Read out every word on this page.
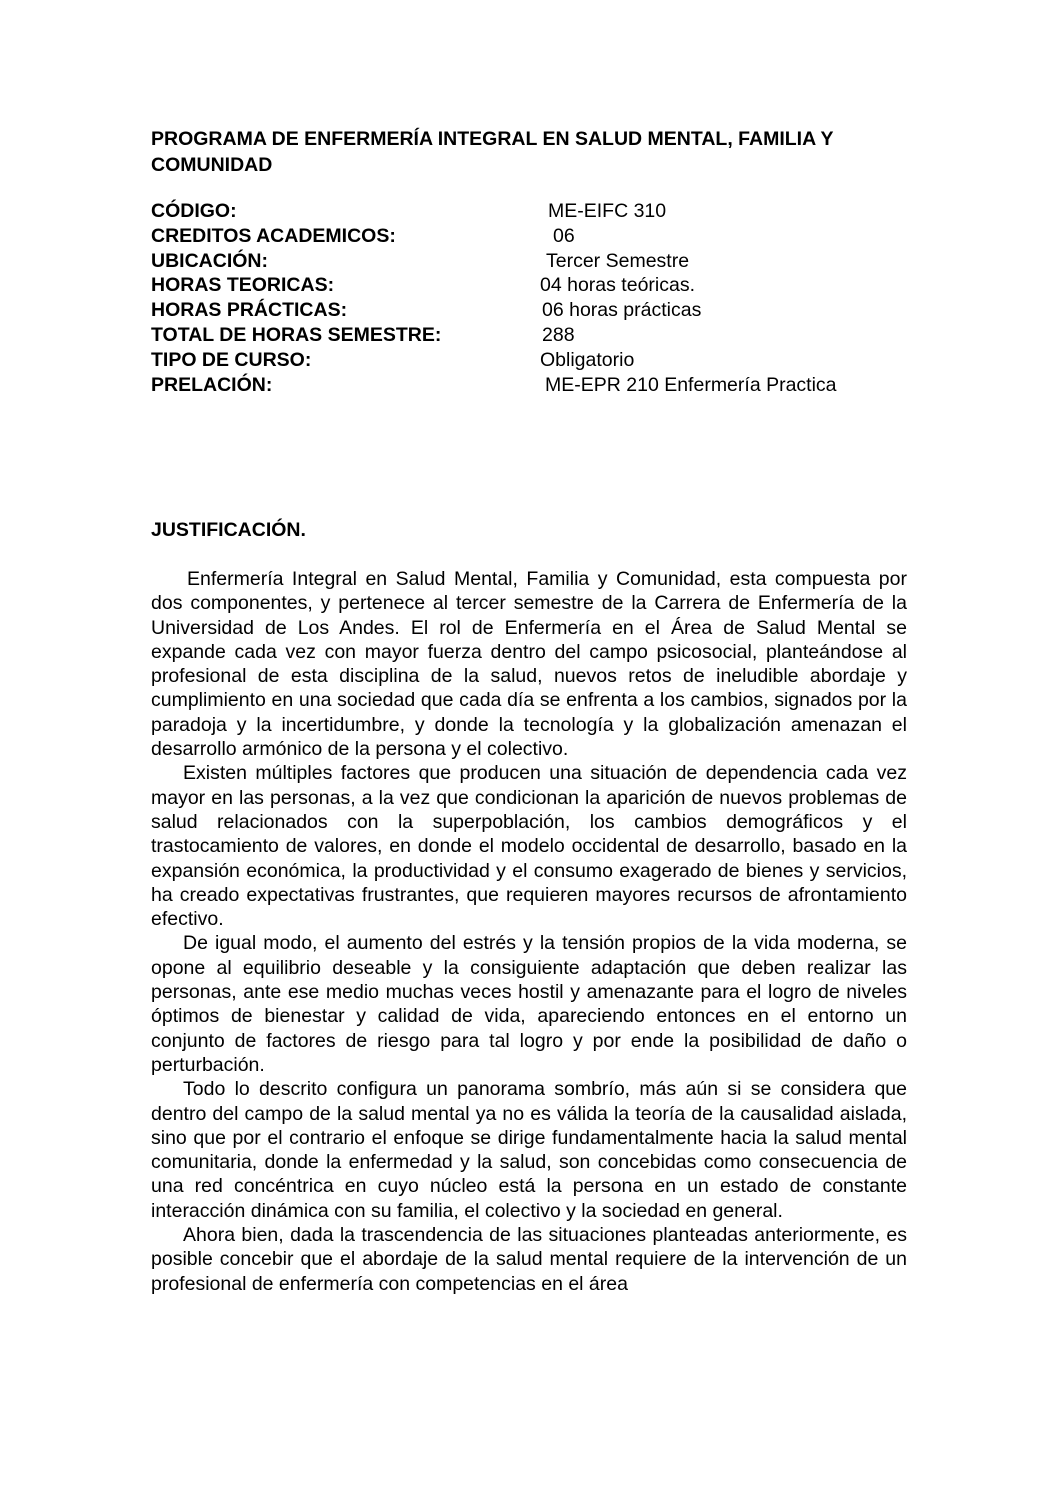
PROGRAMA DE ENFERMERÍA INTEGRAL EN SALUD MENTAL, FAMILIA Y COMUNIDAD
CÓDIGO:	ME-EIFC 310
CREDITOS ACADEMICOS:	06
UBICACIÓN:	Tercer Semestre
HORAS TEORICAS:	04 horas teóricas.
HORAS PRÁCTICAS:	06 horas prácticas
TOTAL DE HORAS SEMESTRE:	288
TIPO DE CURSO:	Obligatorio
PRELACIÓN:	ME-EPR 210 Enfermería Practica
JUSTIFICACIÓN.

Enfermería Integral en Salud Mental, Familia y Comunidad, esta compuesta por dos componentes, y pertenece al tercer semestre de la Carrera de Enfermería de la Universidad de Los Andes. El rol de Enfermería en el Área de Salud Mental se expande cada vez con mayor fuerza dentro del campo psicosocial, planteándose al profesional de esta disciplina de la salud, nuevos retos de ineludible abordaje y cumplimiento en una sociedad que cada día se enfrenta a los cambios, signados por la paradoja y la incertidumbre, y donde la tecnología y la globalización amenazan el desarrollo armónico de la persona y el colectivo.

Existen múltiples factores que producen una situación de dependencia cada vez mayor en las personas, a la vez que condicionan la aparición de nuevos problemas de salud relacionados con la superpoblación, los cambios demográficos y el trastocamiento de valores, en donde el modelo occidental de desarrollo, basado en la expansión económica, la productividad y el consumo exagerado de bienes y servicios, ha creado expectativas frustrantes, que requieren mayores recursos de afrontamiento efectivo.

De igual modo, el aumento del estrés y la tensión propios de la vida moderna, se opone al equilibrio deseable y la consiguiente adaptación que deben realizar las personas, ante ese medio muchas veces hostil y amenazante para el logro de niveles óptimos de bienestar y calidad de vida, apareciendo entonces en el entorno un conjunto de factores de riesgo para tal logro y por ende la posibilidad de daño o perturbación.

Todo lo descrito configura un panorama sombrío, más aún si se considera que dentro del campo de la salud mental ya no es válida la teoría de la causalidad aislada, sino que por el contrario el enfoque se dirige fundamentalmente hacia la salud mental comunitaria, donde la enfermedad y la salud, son concebidas como consecuencia de una red concéntrica en cuyo núcleo está la persona en un estado de constante interacción dinámica con su familia, el colectivo y la sociedad en general.

Ahora bien, dada la trascendencia de las situaciones planteadas anteriormente, es posible concebir que el abordaje de la salud mental requiere de la intervención de un profesional de enfermería con competencias en el área
